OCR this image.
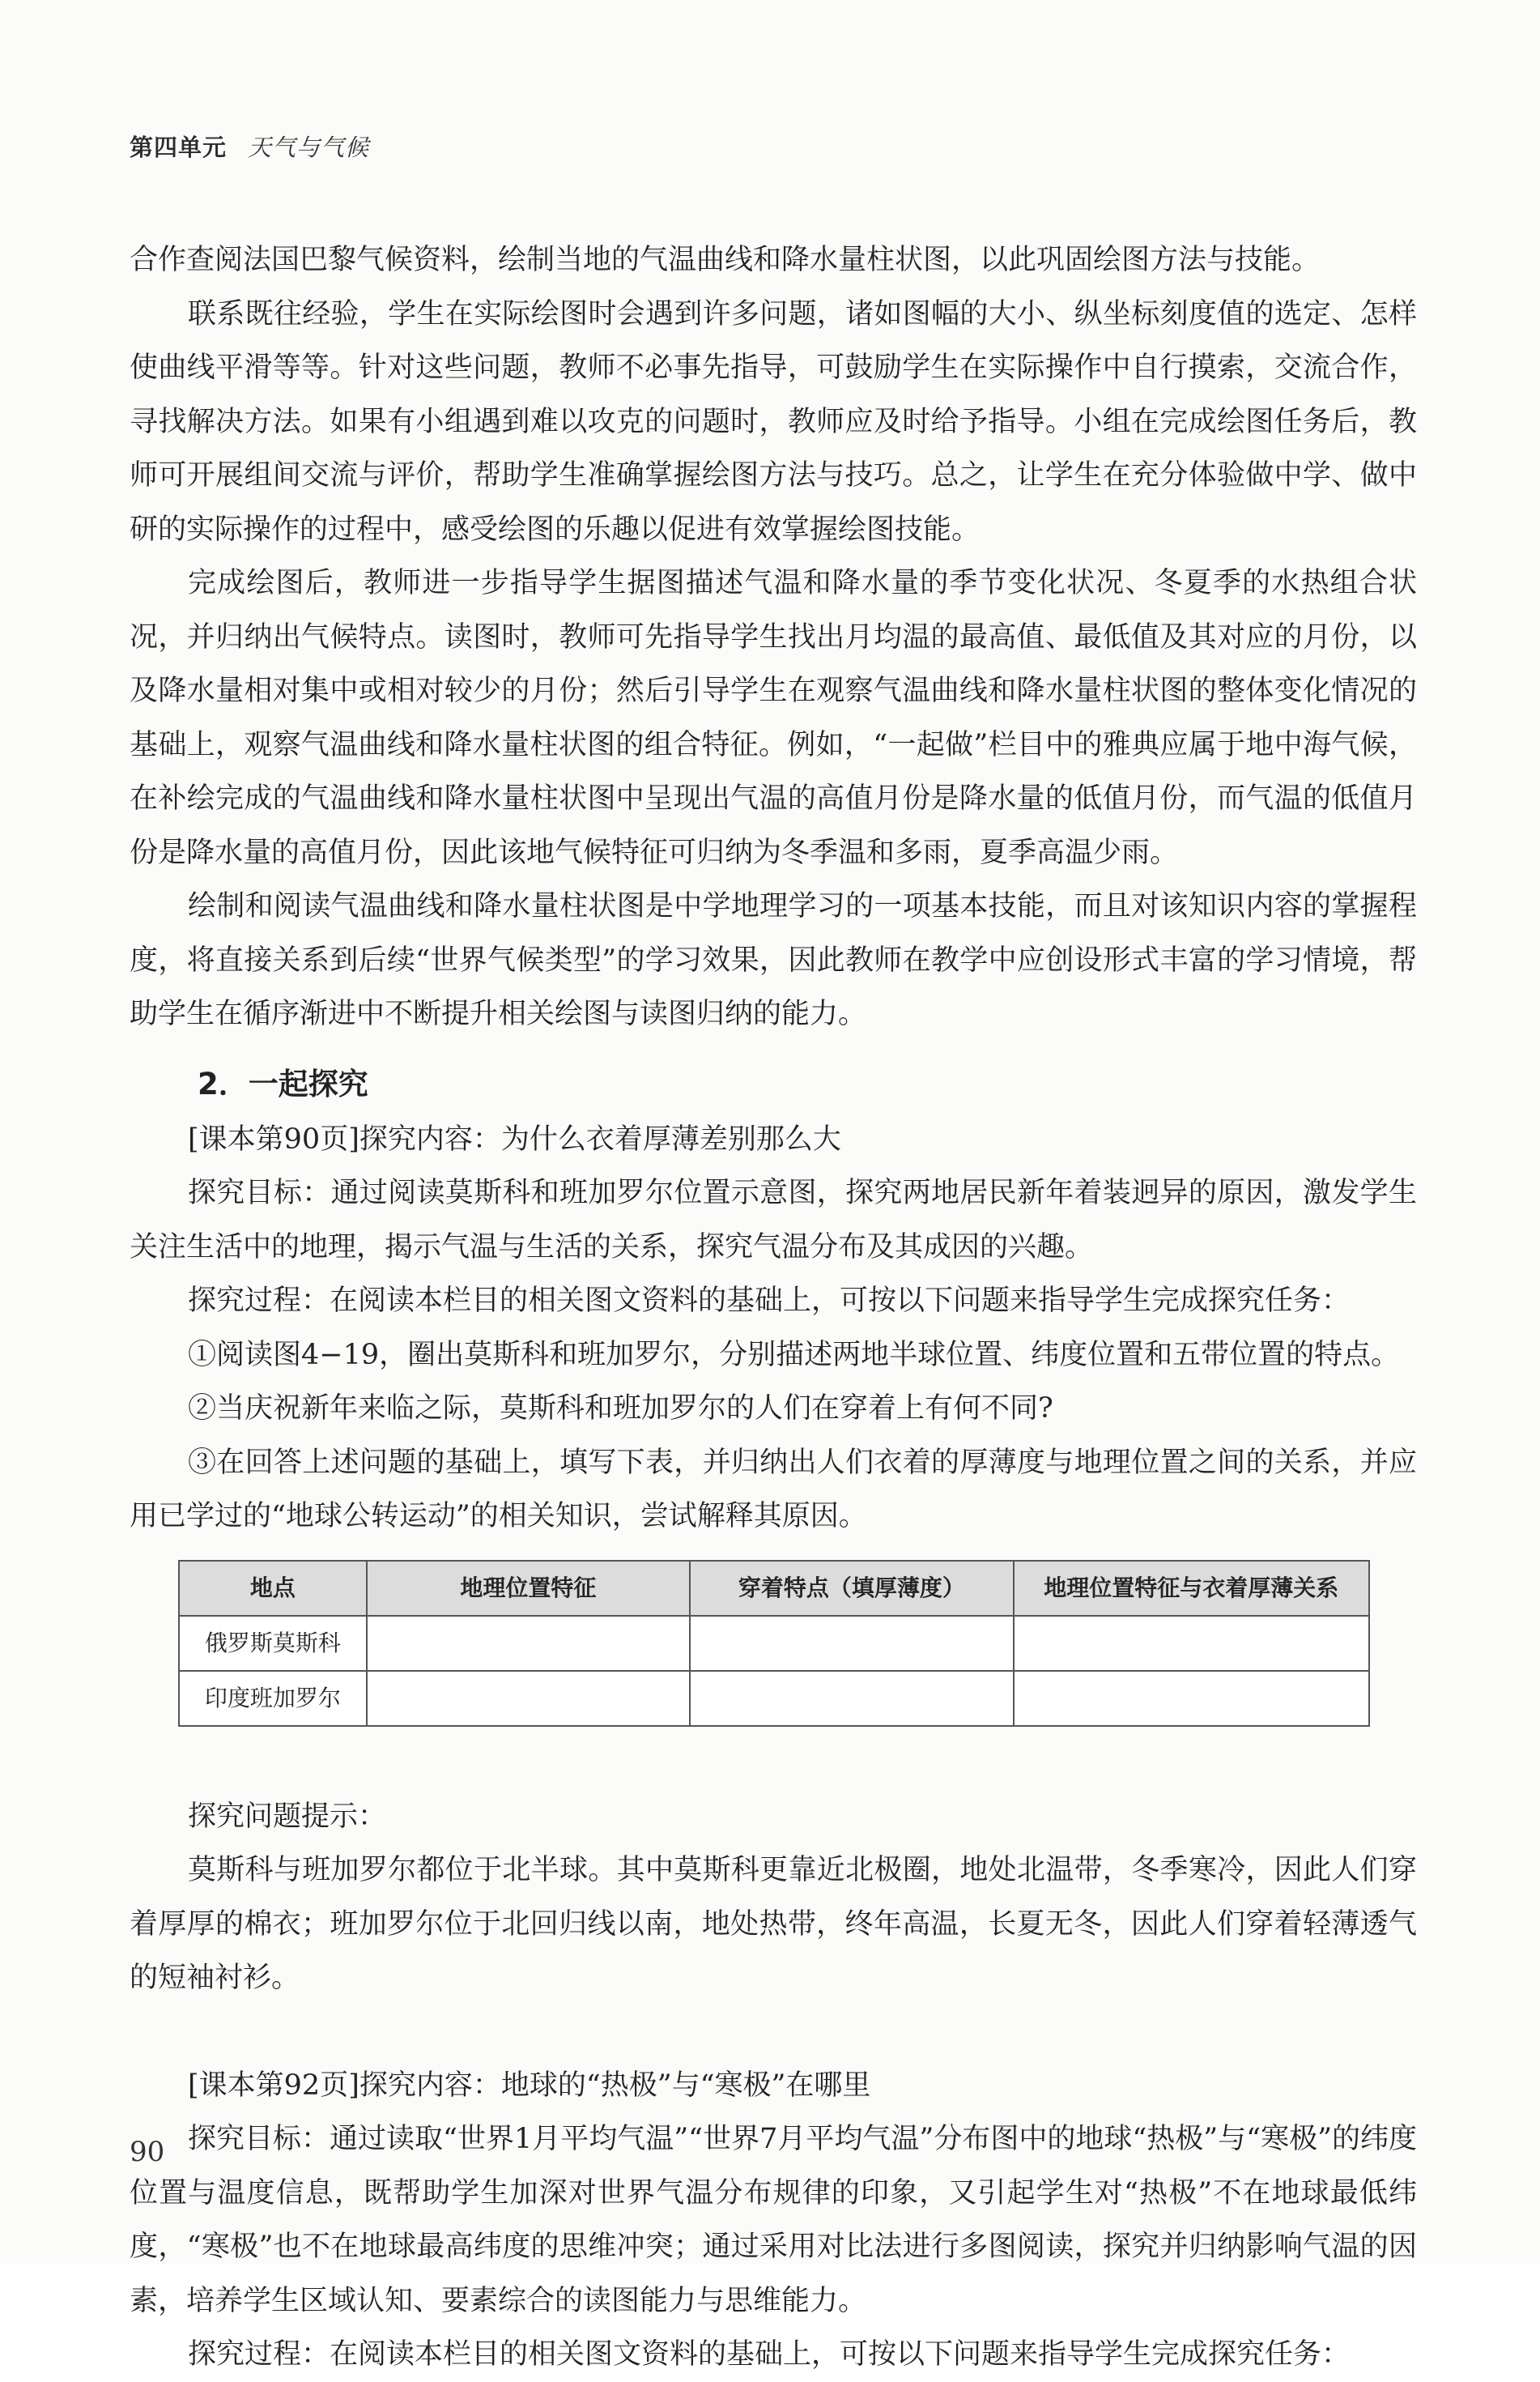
第四单元 天气与气候

合作查阅法国巴黎气候资料，绘制当地的气温曲线和降水量柱状图，以此巩固绘图方法与技能。

联系既往经验，学生在实际绘图时会遇到许多问题，诸如图幅的大小、纵坐标刻度值的选定、怎样使曲线平滑等等。针对这些问题，教师不必事先指导，可鼓励学生在实际操作中自行摸索，交流合作，寻找解决方法。如果有小组遇到难以攻克的问题时，教师应及时给予指导。小组在完成绘图任务后，教师可开展组间交流与评价，帮助学生准确掌握绘图方法与技巧。总之，让学生在充分体验做中学、做中研的实际操作的过程中，感受绘图的乐趣以促进有效掌握绘图技能。

完成绘图后，教师进一步指导学生据图描述气温和降水量的季节变化状况、冬夏季的水热组合状况，并归纳出气候特点。读图时，教师可先指导学生找出月均温的最高值、最低值及其对应的月份，以及降水量相对集中或相对较少的月份；然后引导学生在观察气温曲线和降水量柱状图的整体变化情况的基础上，观察气温曲线和降水量柱状图的组合特征。例如，“一起做”栏目中的雅典应属于地中海气候，在补绘完成的气温曲线和降水量柱状图中呈现出气温的高值月份是降水量的低值月份，而气温的低值月份是降水量的高值月份，因此该地气候特征可归纳为冬季温和多雨，夏季高温少雨。

绘制和阅读气温曲线和降水量柱状图是中学地理学习的一项基本技能，而且对该知识内容的掌握程度，将直接关系到后续“世界气候类型”的学习效果，因此教师在教学中应创设形式丰富的学习情境，帮助学生在循序渐进中不断提升相关绘图与读图归纳的能力。

2．一起探究

[课本第90页]探究内容：为什么衣着厚薄差别那么大

探究目标：通过阅读莫斯科和班加罗尔位置示意图，探究两地居民新年着装迥异的原因，激发学生关注生活中的地理，揭示气温与生活的关系，探究气温分布及其成因的兴趣。

探究过程：在阅读本栏目的相关图文资料的基础上，可按以下问题来指导学生完成探究任务：

①阅读图4−19，圈出莫斯科和班加罗尔，分别描述两地半球位置、纬度位置和五带位置的特点。

②当庆祝新年来临之际，莫斯科和班加罗尔的人们在穿着上有何不同?

③在回答上述问题的基础上，填写下表，并归纳出人们衣着的厚薄度与地理位置之间的关系，并应用已学过的“地球公转运动”的相关知识，尝试解释其原因。

地点	地理位置特征	穿着特点（填厚薄度）	地理位置特征与衣着厚薄关系
俄罗斯莫斯科			
印度班加罗尔			

探究问题提示：

莫斯科与班加罗尔都位于北半球。其中莫斯科更靠近北极圈，地处北温带，冬季寒冷，因此人们穿着厚厚的棉衣；班加罗尔位于北回归线以南，地处热带，终年高温，长夏无冬，因此人们穿着轻薄透气的短袖衬衫。

[课本第92页]探究内容：地球的“热极”与“寒极”在哪里

探究目标：通过读取“世界1月平均气温”“世界7月平均气温”分布图中的地球“热极”与“寒极”的纬度位置与温度信息，既帮助学生加深对世界气温分布规律的印象，又引起学生对“热极”不在地球最低纬度，“寒极”也不在地球最高纬度的思维冲突；通过采用对比法进行多图阅读，探究并归纳影响气温的因素，培养学生区域认知、要素综合的读图能力与思维能力。

探究过程：在阅读本栏目的相关图文资料的基础上，可按以下问题来指导学生完成探究任务：

90
